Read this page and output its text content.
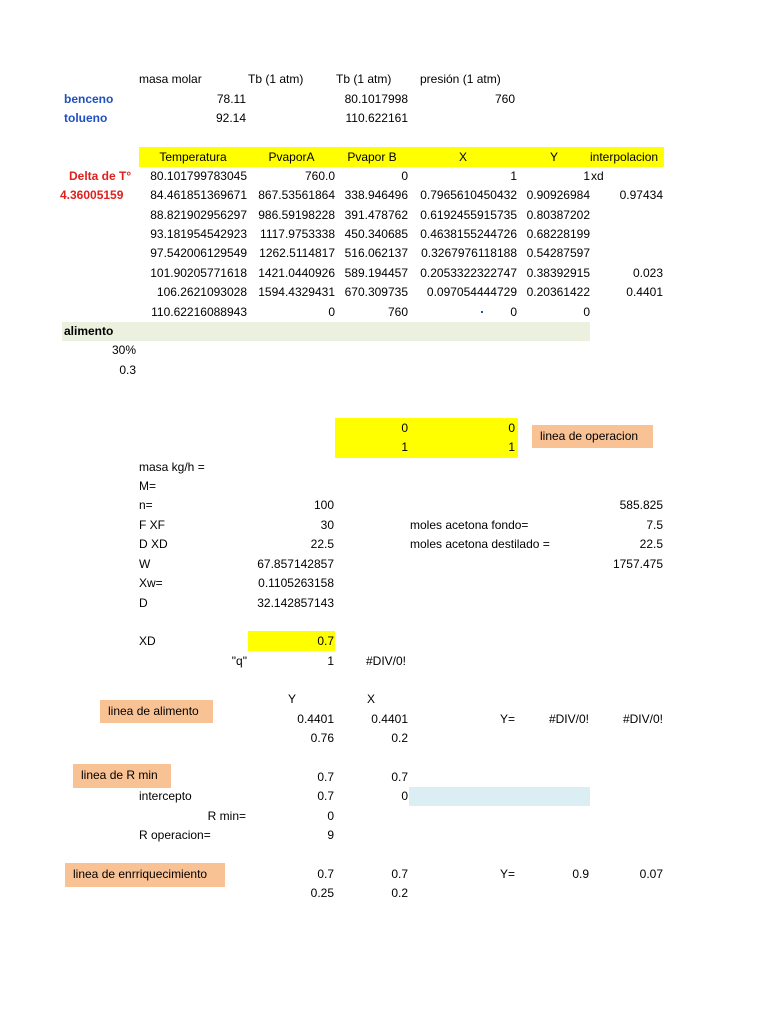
masa molar	Tb (1 atm)	Tb (1 atm) presión (1 atm)
benceno	78.11	80.1017998	760
tolueno	92.14	110.622161
Temperatura	PvaporA	Pvapor B	X	Y	interpolacion
Delta de T°
4.36005159
80.101799783045	760.0	0	1	1 xd
84.461851369671 867.53561864 338.946496	0.7965610450432 0.90926984	0.97434
88.821902956297 986.59198228 391.478762	0.6192455915735 0.80387202
93.181954542923	1117.9753338 450.340685	0.4638155244726 0.68228199
97.542006129549	1262.5114817 516.062137	0.3267976118188 0.54287597
101.90205771618 1421.0440926 589.194457	0.2053322322747 0.38392915	0.023
106.2621093028 1594.4329431 670.309735	0.097054444729 0.20361422	0.4401
110.62216088943	0	760	0	0
alimento
30%
0.3
0	0
1	1
linea de operacion
masa kg/h =
M=
n=	100	585.825
F XF	30	moles acetona fondo=	7.5
D XD	22.5	moles acetona destilado =	22.5
W	67.857142857	1757.475
Xw=	0.1105263158
D	32.142857143
XD	0.7
"q"	1	#DIV/0!
Y	X
linea de alimento
0.4401	0.4401	Y=	#DIV/0!	#DIV/0!
0.76	0.2
linea de R min	0.7	0.7
intercepto	0.7	0
R min=	0
R operacion=	9
linea de enrriquecimiento	0.7	0.7	Y=	0.9	0.07
0.25	0.2
